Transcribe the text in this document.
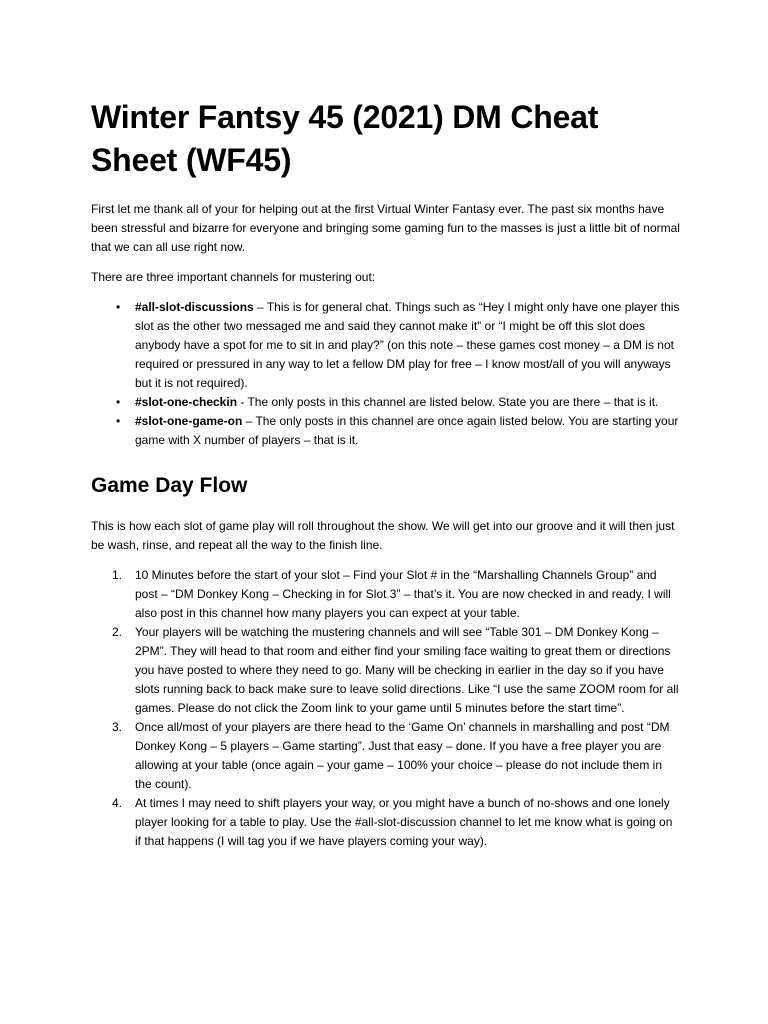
Winter Fantsy 45 (2021) DM Cheat Sheet (WF45)

First let me thank all of your for helping out at the first Virtual Winter Fantasy ever. The past six months have been stressful and bizarre for everyone and bringing some gaming fun to the masses is just a little bit of normal that we can all use right now.

There are three important channels for mustering out:

• #all-slot-discussions – This is for general chat. Things such as “Hey I might only have one player this slot as the other two messaged me and said they cannot make it” or “I might be off this slot does anybody have a spot for me to sit in and play?” (on this note – these games cost money – a DM is not required or pressured in any way to let a fellow DM play for free – I know most/all of you will anyways but it is not required).
• #slot-one-checkin - The only posts in this channel are listed below. State you are there – that is it.
• #slot-one-game-on – The only posts in this channel are once again listed below. You are starting your game with X number of players – that is it.
Game Day Flow

This is how each slot of game play will roll throughout the show. We will get into our groove and it will then just be wash, rinse, and repeat all the way to the finish line.

1. 10 Minutes before the start of your slot – Find your Slot # in the “Marshalling Channels Group” and post – “DM Donkey Kong – Checking in for Slot 3” – that’s it. You are now checked in and ready. I will also post in this channel how many players you can expect at your table.
2. Your players will be watching the mustering channels and will see “Table 301 – DM Donkey Kong – 2PM”. They will head to that room and either find your smiling face waiting to great them or directions you have posted to where they need to go. Many will be checking in earlier in the day so if you have slots running back to back make sure to leave solid directions. Like “I use the same ZOOM room for all games. Please do not click the Zoom link to your game until 5 minutes before the start time”.
3. Once all/most of your players are there head to the ‘Game On’ channels in marshalling and post “DM Donkey Kong – 5 players – Game starting”. Just that easy – done. If you have a free player you are allowing at your table (once again – your game – 100% your choice – please do not include them in the count).
4. At times I may need to shift players your way, or you might have a bunch of no-shows and one lonely player looking for a table to play. Use the #all-slot-discussion channel to let me know what is going on if that happens (I will tag you if we have players coming your way).
